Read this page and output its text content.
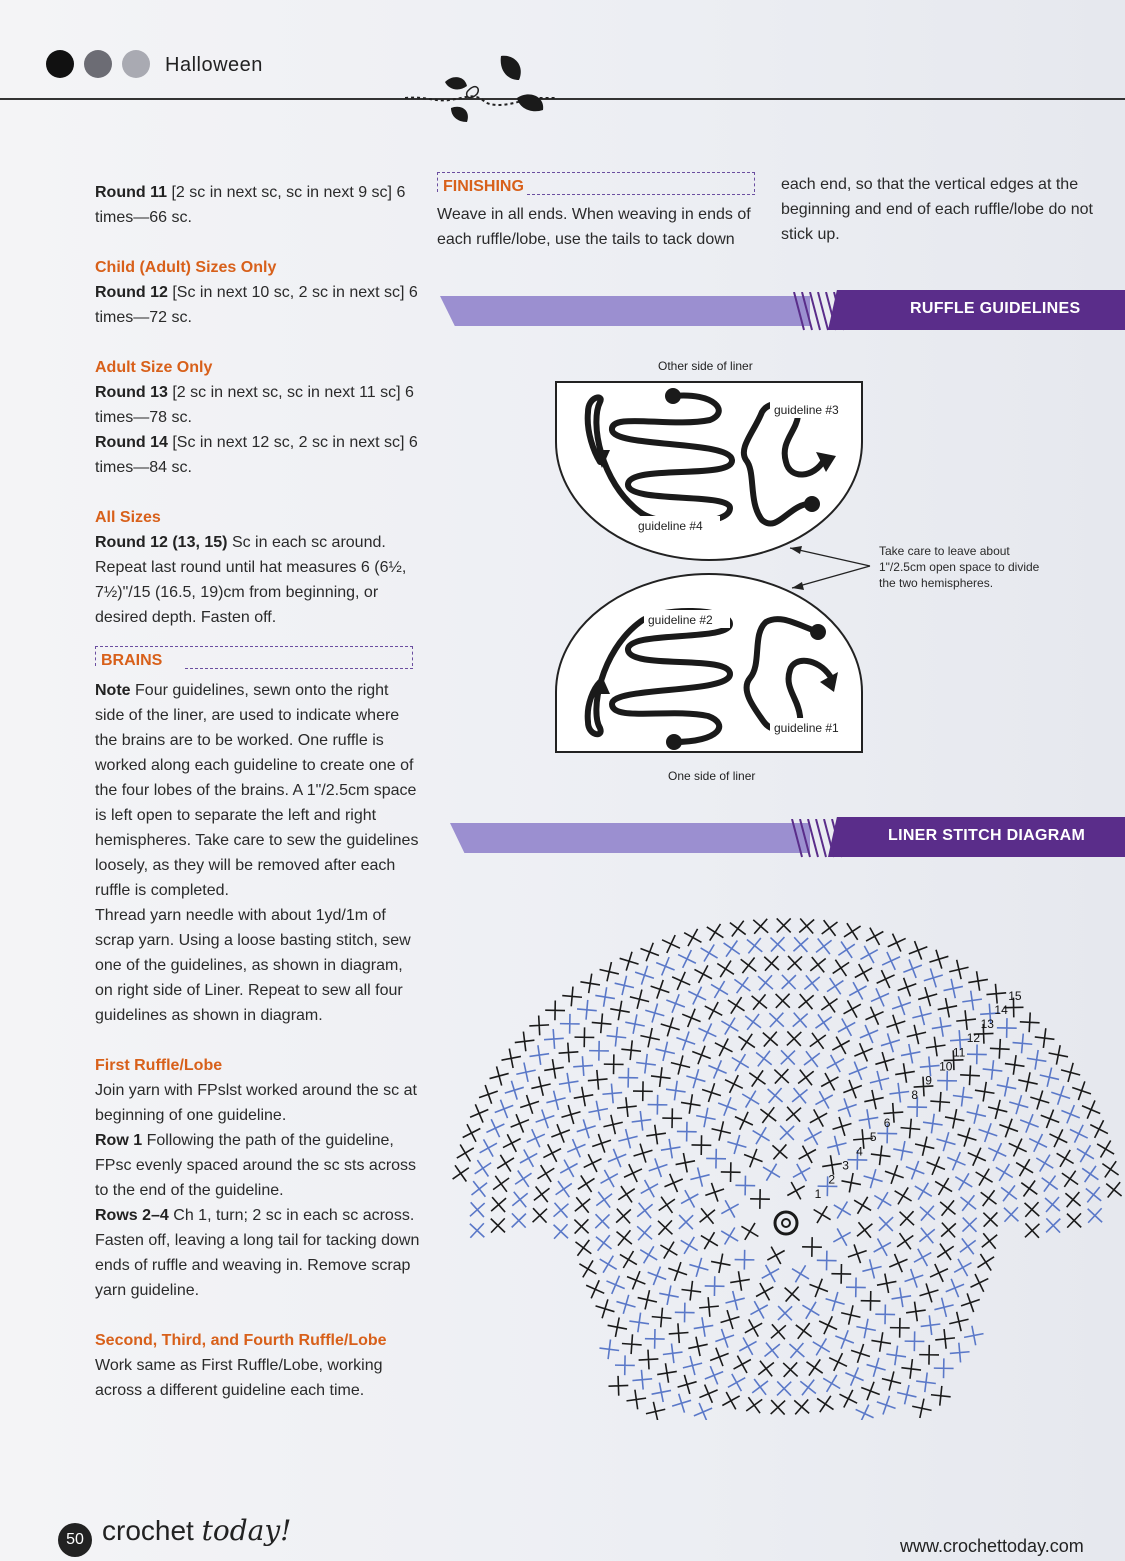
Halloween

Round 11 [2 sc in next sc, sc in next 9 sc] 6 times—66 sc.

Child (Adult) Sizes Only

Round 12 [Sc in next 10 sc, 2 sc in next sc] 6 times—72 sc.

Adult Size Only

Round 13 [2 sc in next sc, sc in next 11 sc] 6 times—78 sc.

Round 14 [Sc in next 12 sc, 2 sc in next sc] 6 times—84 sc.

All Sizes

Round 12 (13, 15) Sc in each sc around. Repeat last round until hat measures 6 (6½, 7½)"/15 (16.5, 19)cm from beginning, or desired depth. Fasten off.

BRAINS

Note Four guidelines, sewn onto the right side of the liner, are used to indicate where the brains are to be worked. One ruffle is worked along each guideline to create one of the four lobes of the brains. A 1"/2.5cm space is left open to separate the left and right hemispheres. Take care to sew the guidelines loosely, as they will be removed after each ruffle is completed.

Thread yarn needle with about 1yd/1m of scrap yarn. Using a loose basting stitch, sew one of the guidelines, as shown in diagram, on right side of Liner. Repeat to sew all four guidelines as shown in diagram.

First Ruffle/Lobe

Join yarn with FPslst worked around the sc at beginning of one guideline.

Row 1 Following the path of the guideline, FPsc evenly spaced around the sc sts across to the end of the guideline.

Rows 2–4 Ch 1, turn; 2 sc in each sc across. Fasten off, leaving a long tail for tacking down ends of ruffle and weaving in. Remove scrap yarn guideline.

Second, Third, and Fourth Ruffle/Lobe

Work same as First Ruffle/Lobe, working across a different guideline each time.

FINISHING

Weave in all ends. When weaving in ends of each ruffle/lobe, use the tails to tack down

each end, so that the vertical edges at the beginning and end of each ruffle/lobe do not stick up.

RUFFLE GUIDELINES
Other side of liner
One side of liner
guideline #3
guideline #4
guideline #2
guideline #1
Take care to leave about 1"/2.5cm open space to divide the two hemispheres.
LINER STITCH DIAGRAM
1
2
3
4
5
6
8
9
10
11
12
13
14
15
50 crochet today!	www.crochettoday.com
